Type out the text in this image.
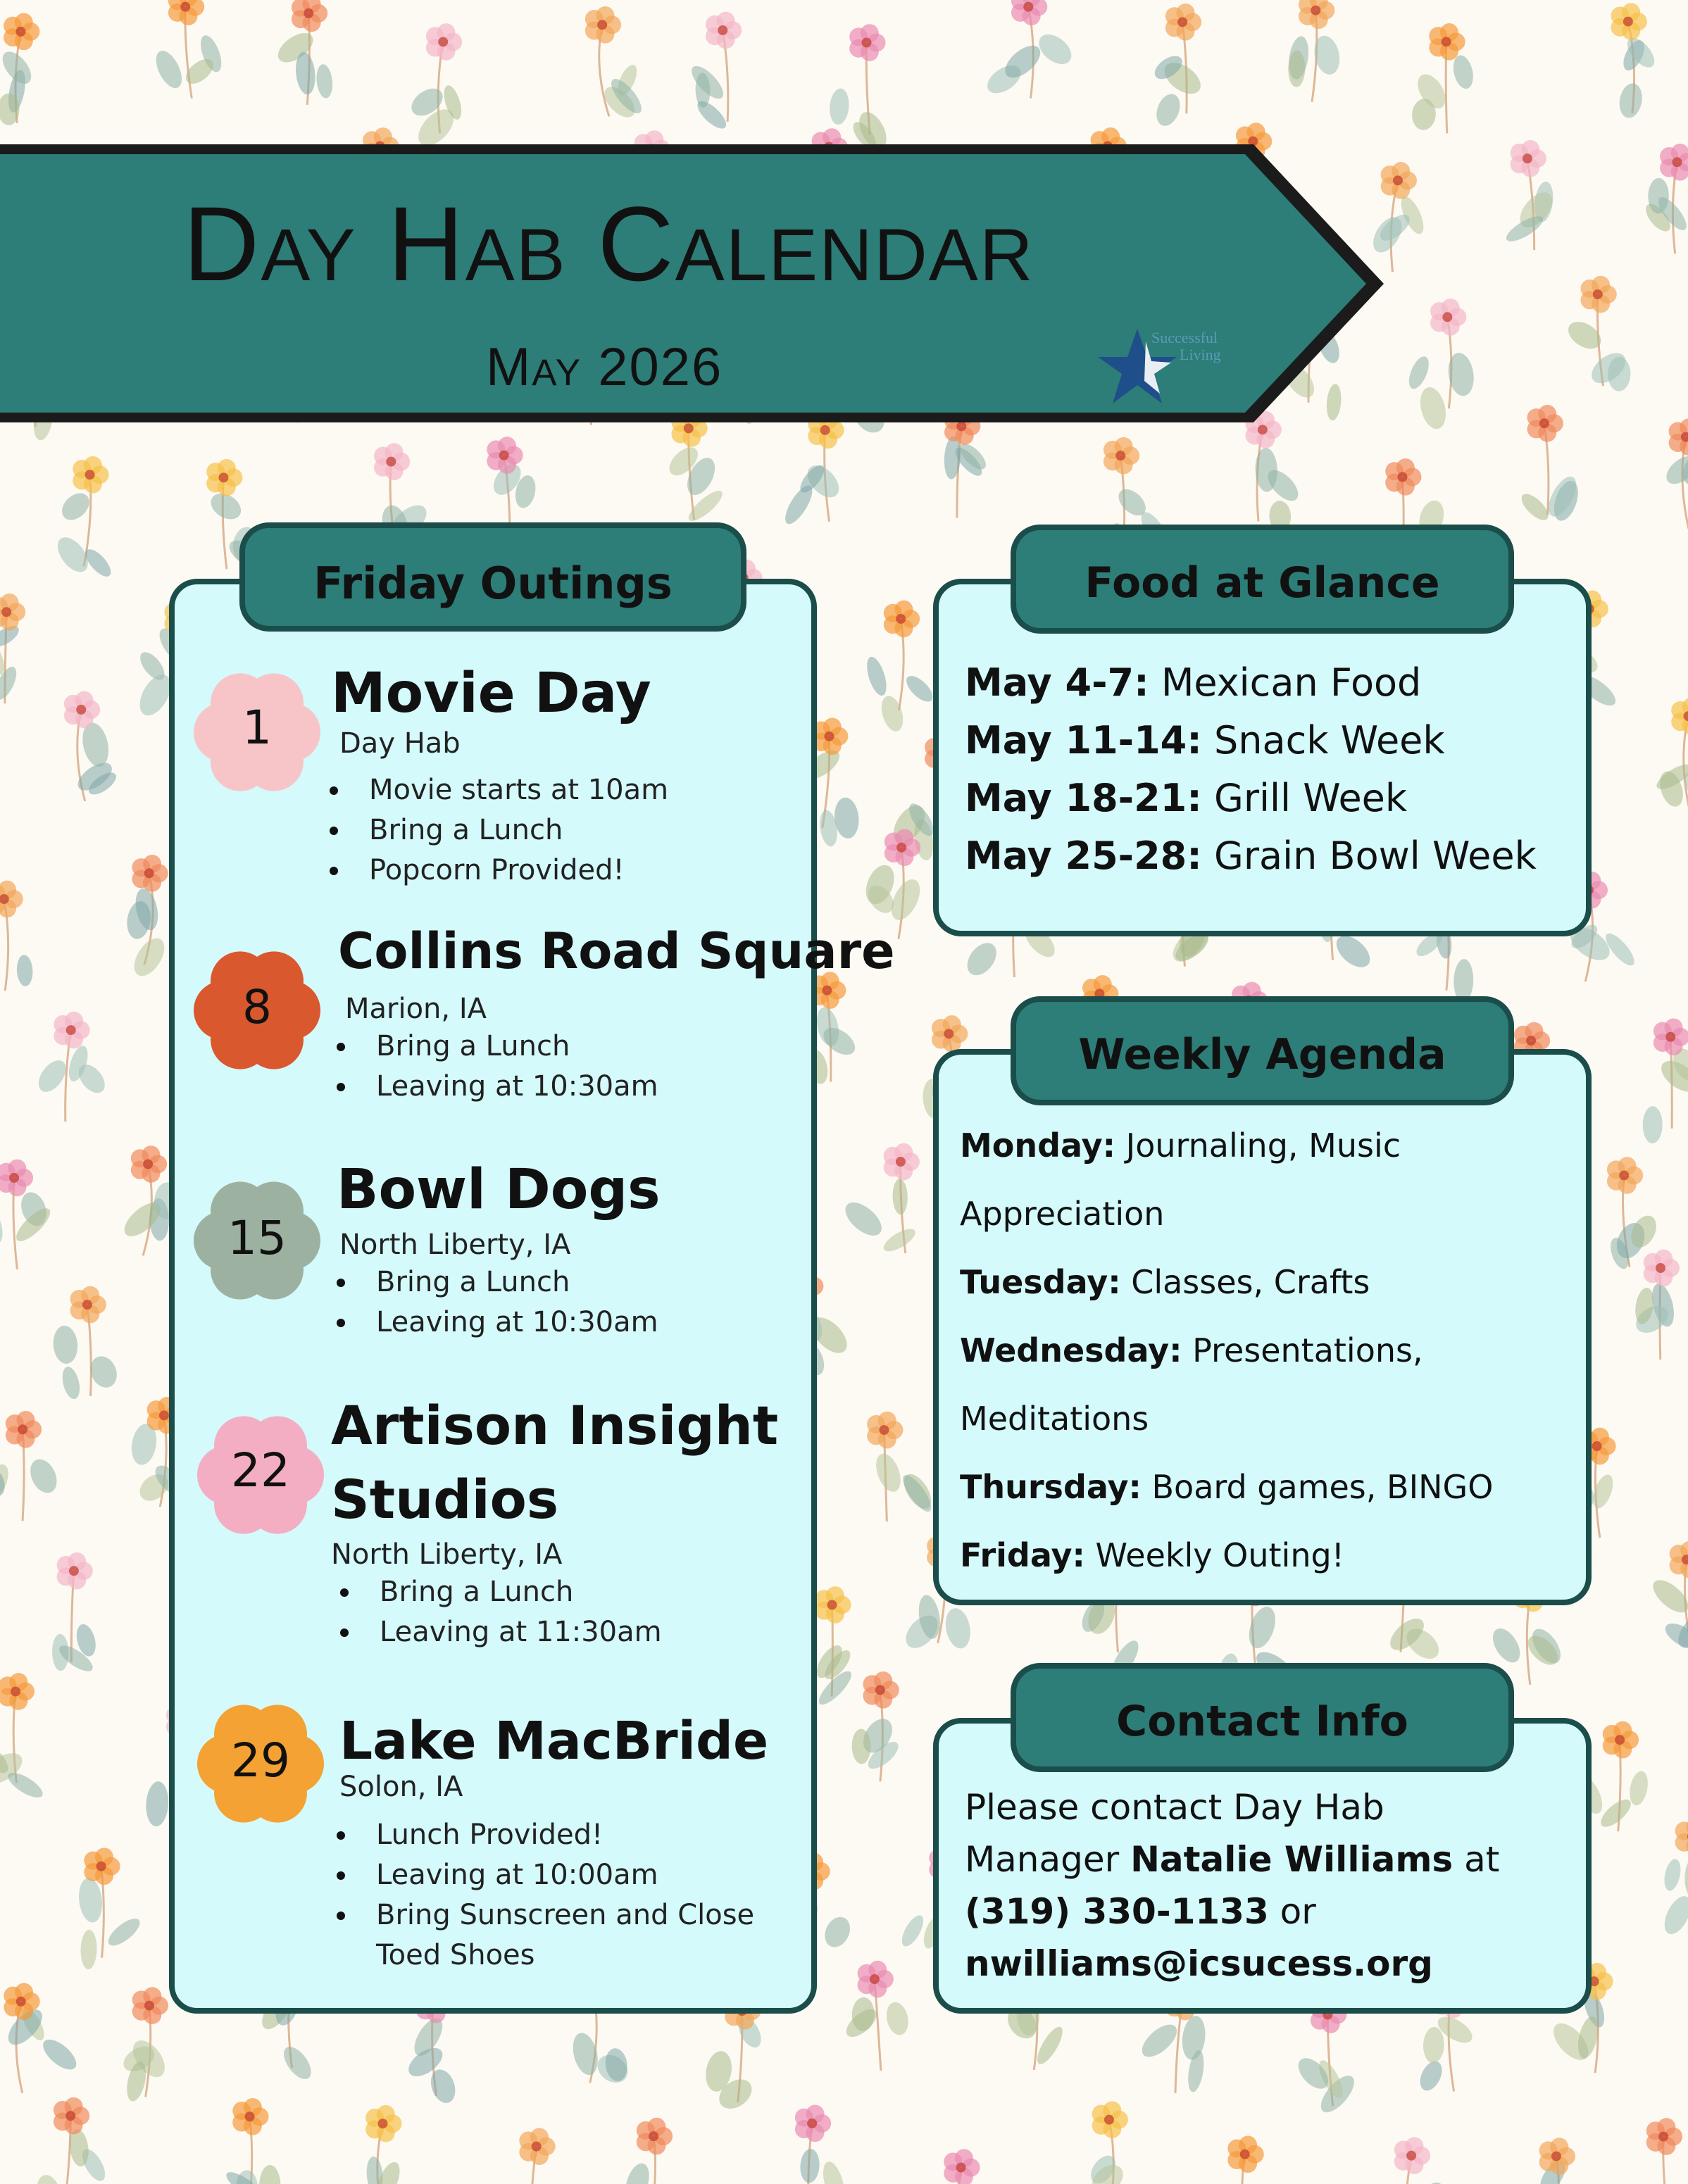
Day Hab Calendar
May 2026	Successful
Living
Friday Outings
1
Movie Day
Day Hab
Movie starts at 10am
Bring a Lunch
Popcorn Provided!
8
Collins Road Square
Marion, IA
Bring a Lunch
Leaving at 10:30am
15
Bowl Dogs
North Liberty, IA
Bring a Lunch
Leaving at 10:30am
22
Artison Insight
Studios
North Liberty, IA
Bring a Lunch
Leaving at 11:30am
29 Lake MacBride
Solon, IA
Lunch Provided!
Leaving at 10:00am
Bring Sunscreen and Close
Toed Shoes
Food at Glance
May 4-7: Mexican Food
May 11-14: Snack Week
May 18-21: Grill Week
May 25-28: Grain Bowl Week
Weekly Agenda
Monday: Journaling, Music
Appreciation
Tuesday: Classes, Crafts
Wednesday: Presentations,
Meditations
Thursday: Board games, BINGO
Friday: Weekly Outing!
Contact Info
Please contact Day Hab
Manager Natalie Williams at
(319) 330-1133 or
nwilliams@icsucess.org
